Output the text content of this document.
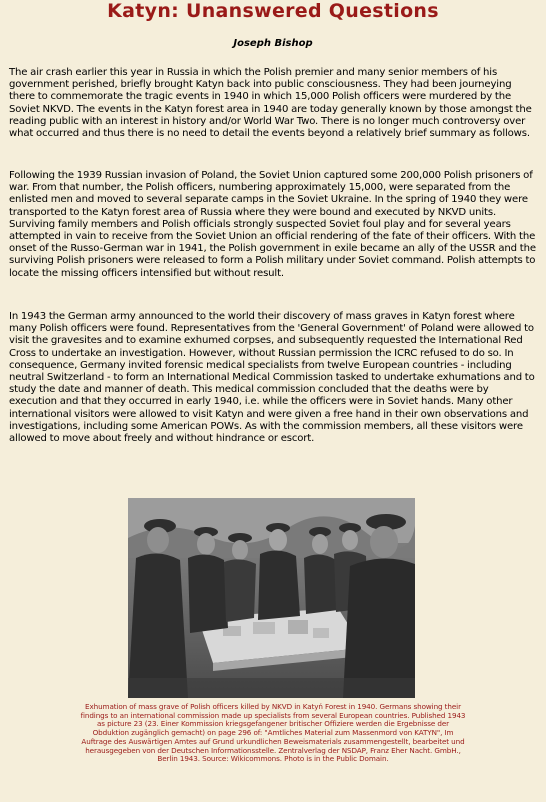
Katyn: Unanswered Questions
Joseph Bishop

The air crash earlier this year in Russia in which the Polish premier and many senior members of his government perished, briefly brought Katyn back into public consciousness. They had been journeying there to commemorate the tragic events in 1940 in which 15,000 Polish officers were murdered by the Soviet NKVD. The events in the Katyn forest area in 1940 are today generally known by those amongst the reading public with an interest in history and/or World War Two. There is no longer much controversy over what occurred and thus there is no need to detail the events beyond a relatively brief summary as follows.

Following the 1939 Russian invasion of Poland, the Soviet Union captured some 200,000 Polish prisoners of war. From that number, the Polish officers, numbering approximately 15,000, were separated from the enlisted men and moved to several separate camps in the Soviet Ukraine. In the spring of 1940 they were transported to the Katyn forest area of Russia where they were bound and executed by NKVD units. Surviving family members and Polish officials strongly suspected Soviet foul play and for several years attempted in vain to receive from the Soviet Union an official rendering of the fate of their officers. With the onset of the Russo-German war in 1941, the Polish government in exile became an ally of the USSR and the surviving Polish prisoners were released to form a Polish military under Soviet command. Polish attempts to locate the missing officers intensified but without result.

In 1943 the German army announced to the world their discovery of mass graves in Katyn forest where many Polish officers were found. Representatives from the 'General Government' of Poland were allowed to visit the gravesites and to examine exhumed corpses, and subsequently requested the International Red Cross to undertake an investigation. However, without Russian permission the ICRC refused to do so. In consequence, Germany invited forensic medical specialists from twelve European countries - including neutral Switzerland - to form an International Medical Commission tasked to undertake exhumations and to study the date and manner of death. This medical commission concluded that the deaths were by execution and that they occurred in early 1940, i.e. while the officers were in Soviet hands. Many other international visitors were allowed to visit Katyn and were given a free hand in their own observations and investigations, including some American POWs. As with the commission members, all these visitors were allowed to move about freely and without hindrance or escort.

Exhumation of mass grave of Polish officers killed by NKVD in Katyń Forest in 1940. Germans showing their findings to an international commission made up specialists from several European countries. Published 1943 as picture 23 (23. Einer Kommission kriegsgefangener britischer Offiziere werden die Ergebnisse der Obduktion zugänglich gemacht) on page 296 of: "Amtliches Material zum Massenmord von KATYN", Im Auftrage des Auswärtigen Amtes auf Grund urkundlichen Beweismaterials zusammengestellt, bearbeitet und herausgegeben von der Deutschen Informationsstelle. Zentralverlag der NSDAP, Franz Eher Nacht. GmbH., Berlin 1943. Source: Wikicommons. Photo is in the Public Domain.
